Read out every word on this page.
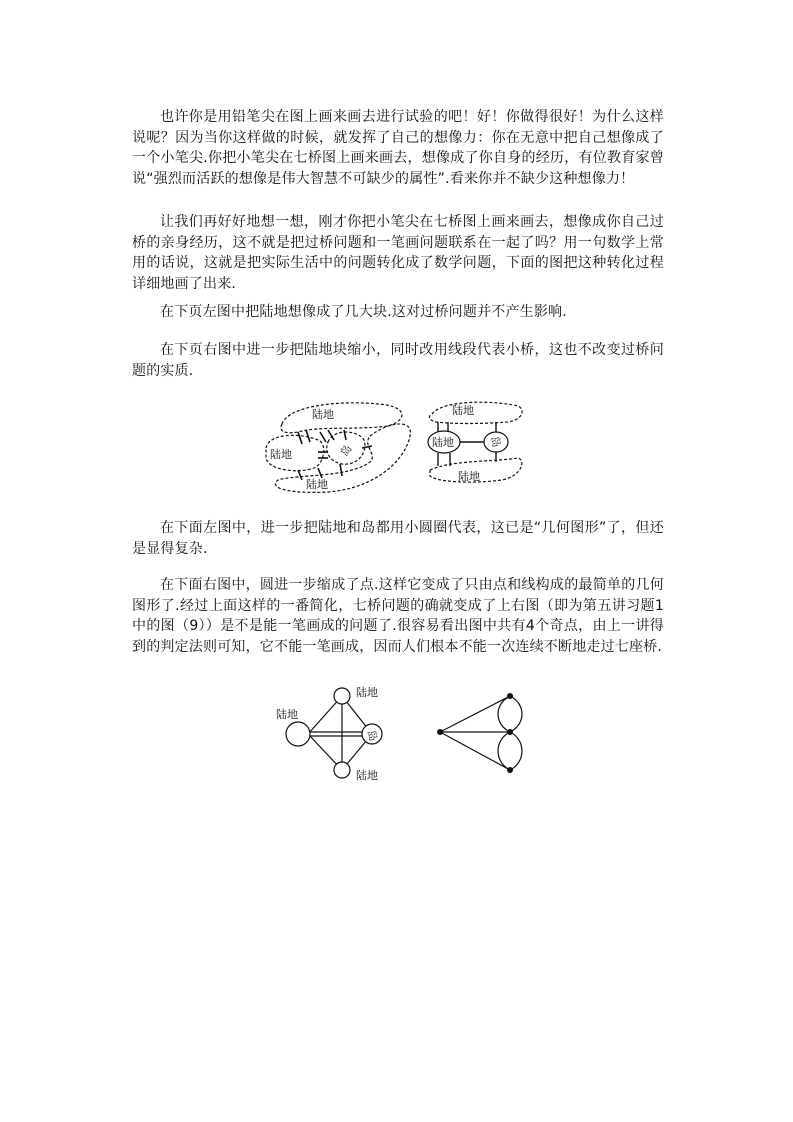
也许你是用铅笔尖在图上画来画去进行试验的吧！好！你做得很好！为什么这样说呢？因为当你这样做的时候，就发挥了自己的想像力：你在无意中把自己想像成了一个小笔尖.你把小笔尖在七桥图上画来画去，想像成了你自身的经历，有位教育家曾说“强烈而活跃的想像是伟大智慧不可缺少的属性”.看来你并不缺少这种想像力！

让我们再好好地想一想，刚才你把小笔尖在七桥图上画来画去，想像成你自己过桥的亲身经历，这不就是把过桥问题和一笔画问题联系在一起了吗？用一句数学上常用的话说，这就是把实际生活中的问题转化成了数学问题，下面的图把这种转化过程详细地画了出来.

在下页左图中把陆地想像成了几大块.这对过桥问题并不产生影响.

在下页右图中进一步把陆地块缩小，同时改用线段代表小桥，这也不改变过桥问题的实质.

在下面左图中，进一步把陆地和岛都用小圆圈代表，这已是“几何图形”了，但还是显得复杂.

在下面右图中，圆进一步缩成了点.这样它变成了只由点和线构成的最简单的几何图形了.经过上面这样的一番简化，七桥问题的确就变成了上右图（即为第五讲习题1中的图（9））是不是能一笔画成的问题了.很容易看出图中共有4个奇点，由上一讲得到的判定法则可知，它不能一笔画成，因而人们根本不能一次连续不断地走过七座桥.

陆地
陆地	岛
陆地
陆地
陆地	岛
陆地
陆地
陆地
岛
陆地
